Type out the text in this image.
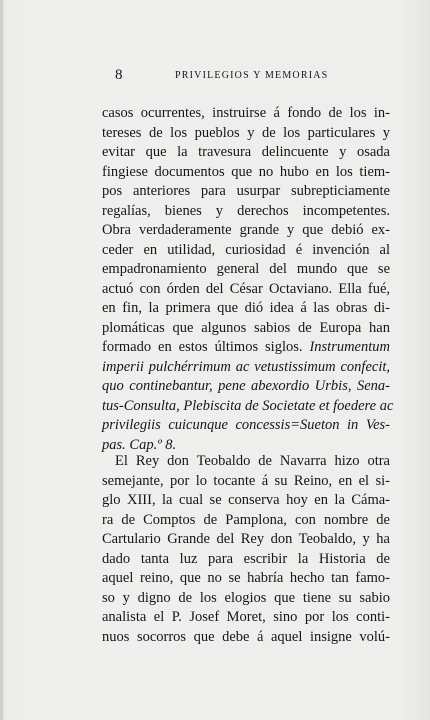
8	PRIVILEGIOS Y MEMORIAS
casos ocurrentes, instruirse á fondo de los in-
tereses de los pueblos y de los particulares y
evitar que la travesura delincuente y osada
fingiese documentos que no hubo en los tiem-
pos anteriores para usurpar subrepticiamente
regalías, bienes y derechos incompetentes.
Obra verdaderamente grande y que debió ex-
ceder en utilidad, curiosidad é invención al
empadronamiento general del mundo que se
actuó con órden del César Octaviano. Ella fué,
en fin, la primera que dió idea á las obras di-
plomáticas que algunos sabios de Europa han
formado en estos últimos siglos. Instrumentum
imperii pulchérrimum ac vetustissimum confecit,
quo continebantur, pene abexordio Urbis, Sena-
tus-Consulta, Plebiscita de Societate et foedere ac
privilegiis cuicunque concessis=Sueton in Ves-
pas. Cap.º 8.
El Rey don Teobaldo de Navarra hizo otra
semejante, por lo tocante á su Reino, en el si-
glo XIII, la cual se conserva hoy en la Cáma-
ra de Comptos de Pamplona, con nombre de
Cartulario Grande del Rey don Teobaldo, y ha
dado tanta luz para escribir la Historia de
aquel reino, que no se habría hecho tan famo-
so y digno de los elogios que tiene su sabio
analista el P. Josef Moret, sino por los conti-
nuos socorros que debe á aquel insigne volú-
